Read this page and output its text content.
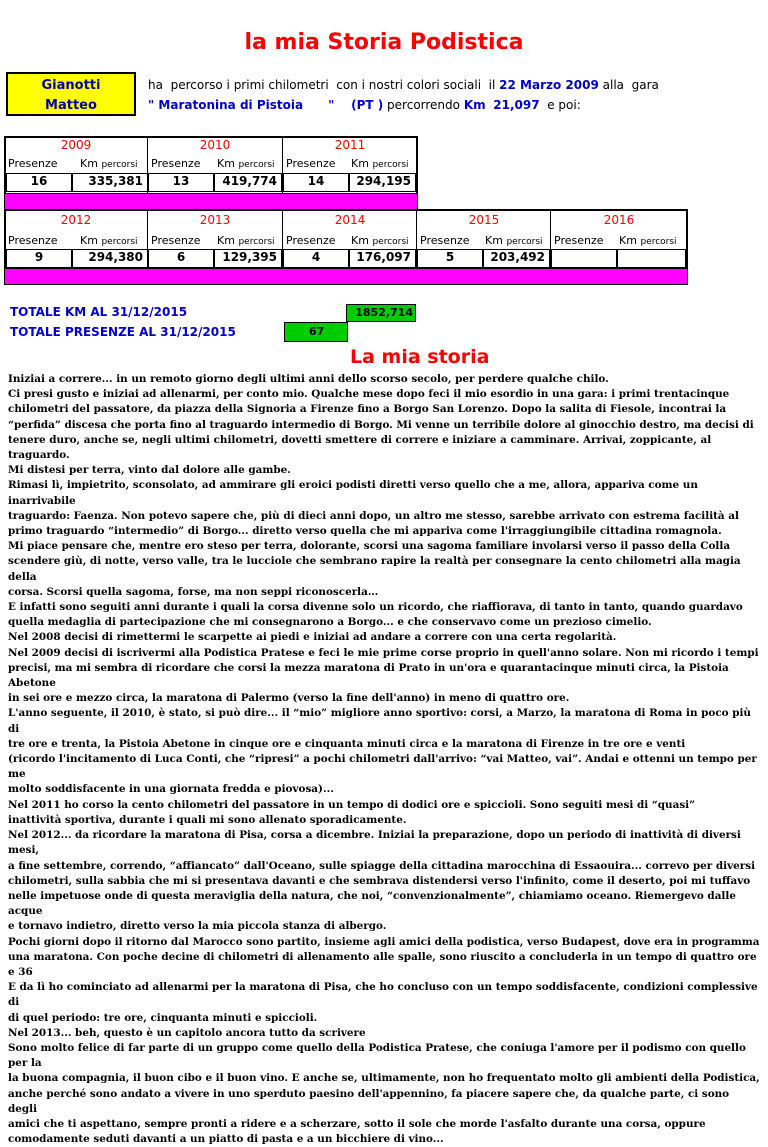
la mia Storia Podistica
Gianotti
Matteo
ha  percorso i primi chilometri  con i nostri colori sociali  il 22 Marzo 2009 alla  gara
" Maratonina di Pistoia      "    (PT ) percorrendo Km 21,097 e poi:
2009	2010	2011
Presenze Km percorsi Presenze Km percorsi Presenze Km percorsi
16	335,381	13	419,774	14	294,195
2012	2013	2014	2015	2016
Presenze Km percorsi Presenze Km percorsi Presenze Km percorsi Presenze Km percorsi Presenze Km percorsi
9	294,380	6	129,395	4	176,097	5	203,492
TOTALE KM AL 31/12/2015	1852,714
TOTALE PRESENZE AL 31/12/2015	67
La mia storia

Iniziai a correre... in un remoto giorno degli ultimi anni dello scorso secolo, per perdere qualche chilo.

Ci presi gusto e iniziai ad allenarmi, per conto mio. Qualche mese dopo feci il mio esordio in una gara: i primi trentacinque

chilometri del passatore, da piazza della Signoria a Firenze fino a Borgo San Lorenzo. Dopo la salita di Fiesole, incontrai la

“perfida” discesa che porta fino al traguardo intermedio di Borgo. Mi venne un terribile dolore al ginocchio destro, ma decisi di

tenere duro, anche se, negli ultimi chilometri, dovetti smettere di correre e iniziare a camminare. Arrivai, zoppicante, al traguardo.

Mi distesi per terra, vinto dal dolore alle gambe.

Rimasi lì, impietrito, sconsolato, ad ammirare gli eroici podisti diretti verso quello che a me, allora, appariva come un inarrivabile

traguardo: Faenza. Non potevo sapere che, più di dieci anni dopo, un altro me stesso, sarebbe arrivato con estrema facilità al

primo traguardo “intermedio” di Borgo... diretto verso quella che mi appariva come l'irraggiungibile cittadina romagnola.

Mi piace pensare che, mentre ero steso per terra, dolorante, scorsi una sagoma familiare involarsi verso il passo della Colla

scendere giù, di notte, verso valle, tra le lucciole che sembrano rapire la realtà per consegnare la cento chilometri alla magia della

corsa. Scorsi quella sagoma, forse, ma non seppi riconoscerla…

E infatti sono seguiti anni durante i quali la corsa divenne solo un ricordo, che riaffiorava, di tanto in tanto, quando guardavo

quella medaglia di partecipazione che mi consegnarono a Borgo... e che conservavo come un prezioso cimelio.

Nel 2008 decisi di rimettermi le scarpette ai piedi e iniziai ad andare a correre con una certa regolarità.

Nel 2009 decisi di iscrivermi alla Podistica Pratese e feci le mie prime corse proprio in quell'anno solare. Non mi ricordo i tempi

precisi, ma mi sembra di ricordare che corsi la mezza maratona di Prato in un'ora e quarantacinque minuti circa, la Pistoia Abetone

in sei ore e mezzo circa, la maratona di Palermo (verso la fine dell'anno) in meno di quattro ore.

L'anno seguente, il 2010, è stato, si può dire... il “mio” migliore anno sportivo: corsi, a Marzo, la maratona di Roma in poco più di

tre ore e trenta, la Pistoia Abetone in cinque ore e cinquanta minuti circa e la maratona di Firenze in tre ore e venti

(ricordo l'incitamento di Luca Conti, che “ripresi” a pochi chilometri dall'arrivo: “vai Matteo, vai”. Andai e ottenni un tempo per me

molto soddisfacente in una giornata fredda e piovosa)...

Nel 2011 ho corso la cento chilometri del passatore in un tempo di dodici ore e spiccioli. Sono seguiti mesi di “quasi”

inattività sportiva, durante i quali mi sono allenato sporadicamente.

Nel 2012... da ricordare la maratona di Pisa, corsa a dicembre. Iniziai la preparazione, dopo un periodo di inattività di diversi mesi,

a fine settembre, correndo, “affiancato” dall'Oceano, sulle spiagge della cittadina marocchina di Essaouira... correvo per diversi

chilometri, sulla sabbia che mi si presentava davanti e che sembrava distendersi verso l'infinito, come il deserto, poi mi tuffavo

nelle impetuose onde di questa meraviglia della natura, che noi, “convenzionalmente”, chiamiamo oceano. Riemergevo dalle acque

e tornavo indietro, diretto verso la mia piccola stanza di albergo.

Pochi giorni dopo il ritorno dal Marocco sono partito, insieme agli amici della podistica, verso Budapest, dove era in programma

una maratona. Con poche decine di chilometri di allenamento alle spalle, sono riuscito a concluderla in un tempo di quattro ore e 36

E da lì ho cominciato ad allenarmi per la maratona di Pisa, che ho concluso con un tempo soddisfacente, condizioni complessive di

di quel periodo: tre ore, cinquanta minuti e spiccioli.

Nel 2013... beh, questo è un capitolo ancora tutto da scrivere

Sono molto felice di far parte di un gruppo come quello della Podistica Pratese, che coniuga l'amore per il podismo con quello per la

la buona compagnia, il buon cibo e il buon vino. E anche se, ultimamente, non ho frequentato molto gli ambienti della Podistica,

anche perché sono andato a vivere in uno sperduto paesino dell'appennino, fa piacere sapere che, da qualche parte, ci sono degli

amici che ti aspettano, sempre pronti a ridere e a scherzare, sotto il sole che morde l'asfalto durante una corsa, oppure

comodamente seduti davanti a un piatto di pasta e a un bicchiere di vino...
